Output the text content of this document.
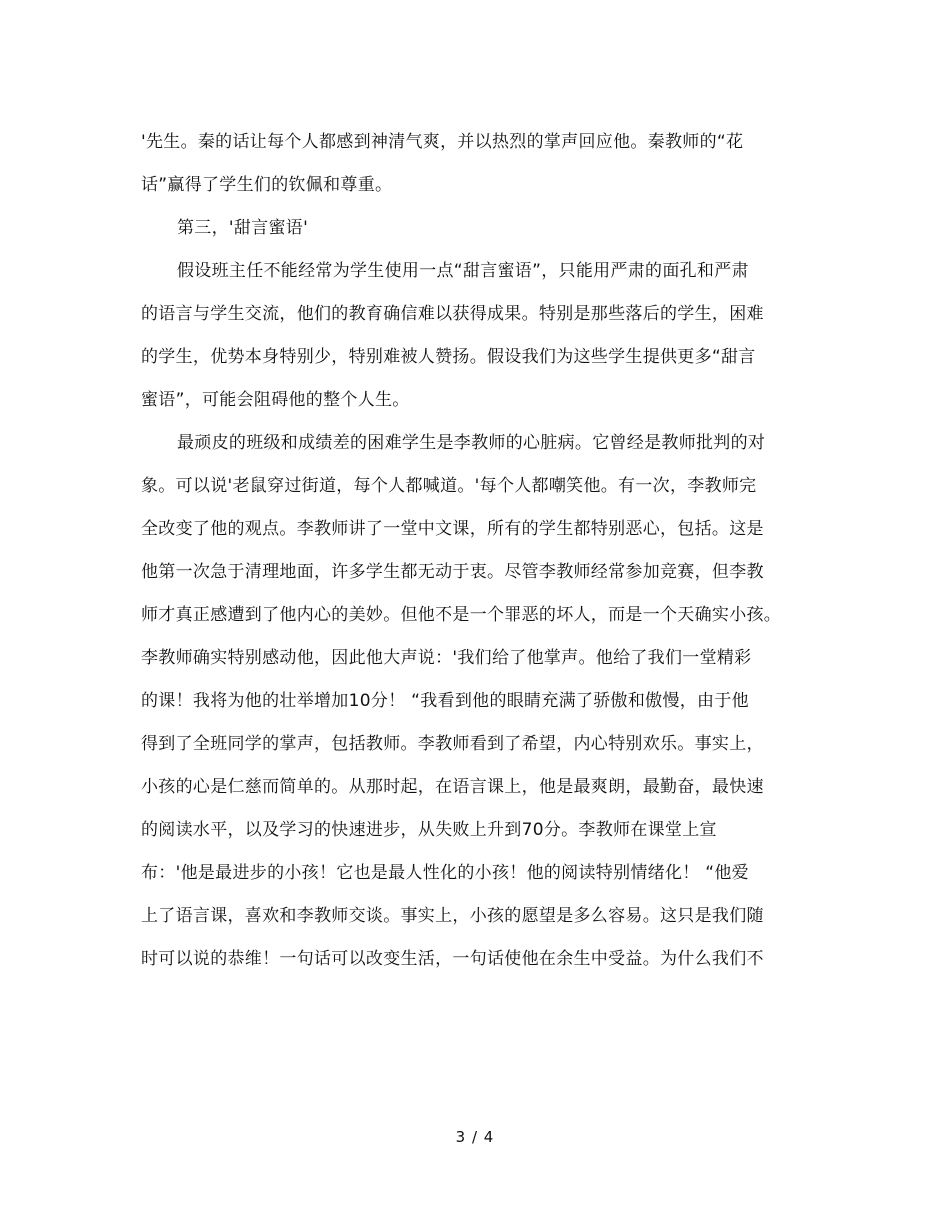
'先生。秦的话让每个人都感到神清气爽，并以热烈的掌声回应他。秦教师的“花
话”赢得了学生们的钦佩和尊重。
第三，'甜言蜜语'
假设班主任不能经常为学生使用一点“甜言蜜语”，只能用严肃的面孔和严肃
的语言与学生交流，他们的教育确信难以获得成果。特别是那些落后的学生，困难
的学生，优势本身特别少，特别难被人赞扬。假设我们为这些学生提供更多“甜言
蜜语”，可能会阻碍他的整个人生。
最顽皮的班级和成绩差的困难学生是李教师的心脏病。它曾经是教师批判的对
象。可以说'老鼠穿过街道，每个人都喊道。'每个人都嘲笑他。有一次，李教师完
全改变了他的观点。李教师讲了一堂中文课，所有的学生都特别恶心，包括。这是
他第一次急于清理地面，许多学生都无动于衷。尽管李教师经常参加竞赛，但李教
师才真正感遭到了他内心的美妙。但他不是一个罪恶的坏人，而是一个天确实小孩。
李教师确实特别感动他，因此他大声说：'我们给了他掌声。他给了我们一堂精彩
的课！我将为他的壮举增加10分！ “我看到他的眼睛充满了骄傲和傲慢，由于他
得到了全班同学的掌声，包括教师。李教师看到了希望，内心特别欢乐。事实上，
小孩的心是仁慈而简单的。从那时起，在语言课上，他是最爽朗，最勤奋，最快速
的阅读水平，以及学习的快速进步，从失败上升到70分。李教师在课堂上宣
布：'他是最进步的小孩！它也是最人性化的小孩！他的阅读特别情绪化！ “他爱
上了语言课，喜欢和李教师交谈。事实上，小孩的愿望是多么容易。这只是我们随
时可以说的恭维！一句话可以改变生活，一句话使他在余生中受益。为什么我们不
3 / 4
